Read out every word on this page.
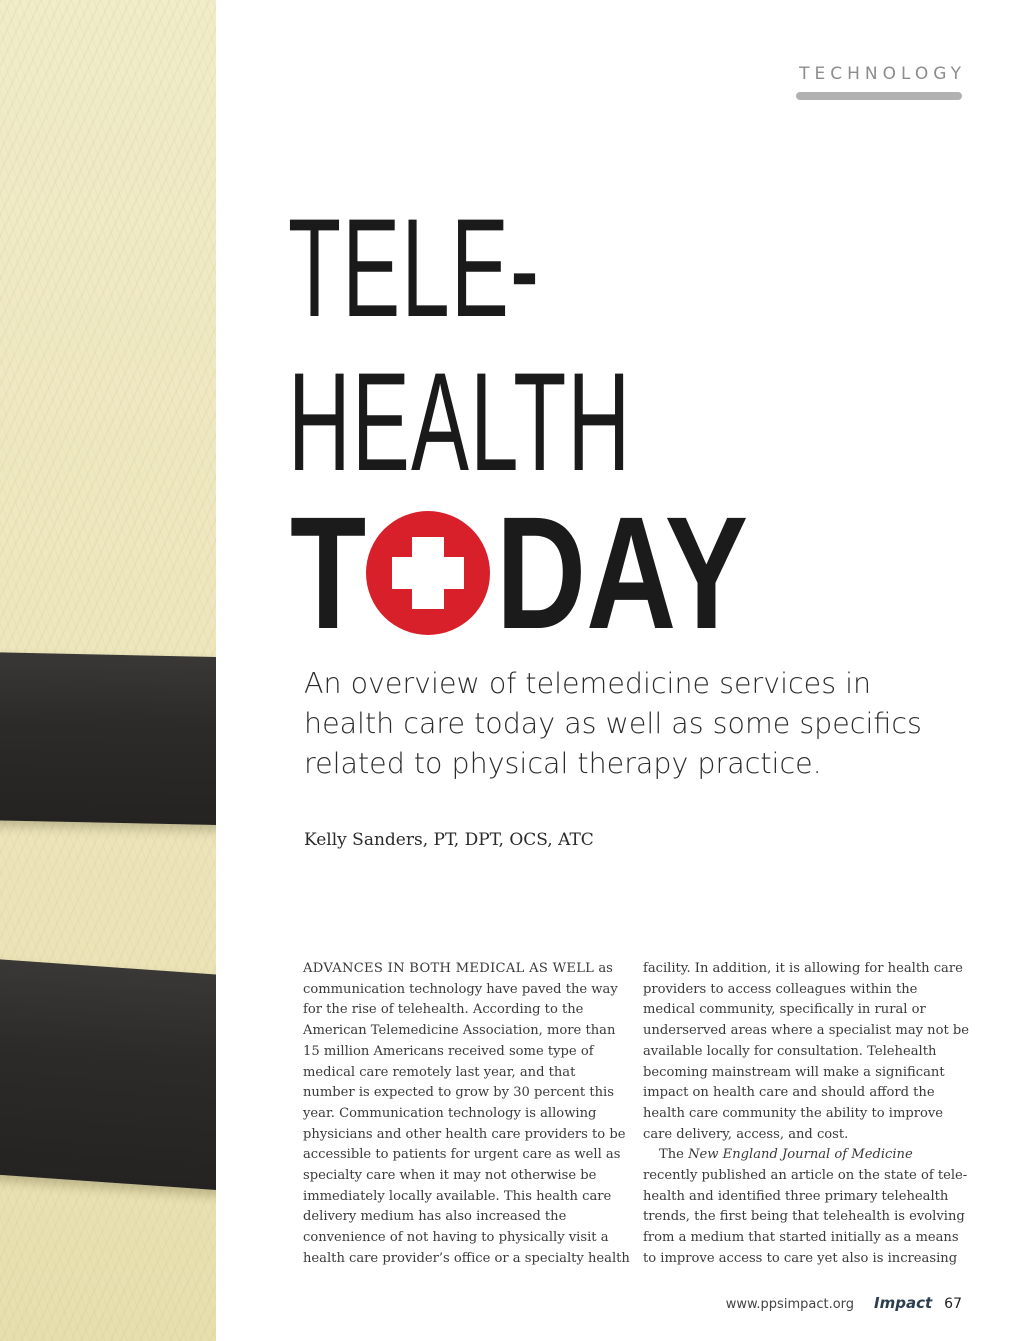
TECHNOLOGY
TELE-
HEALTH
T DAY

An overview of telemedicine services in health care today as well as some specifics related to physical therapy practice.

Kelly Sanders, PT, DPT, OCS, ATC

ADVANCES IN BOTH MEDICAL AS WELL as communication technology have paved the way for the rise of telehealth. According to the American Telemedicine Association, more than 15 million Americans received some type of medical care remotely last year, and that number is expected to grow by 30 percent this year. Communication technology is allowing physicians and other health care providers to be accessible to patients for urgent care as well as specialty care when it may not otherwise be immediately locally available. This health care delivery medium has also increased the convenience of not having to physically visit a health care provider’s office or a specialty health

facility. In addition, it is allowing for health care providers to access colleagues within the medical community, specifically in rural or underserved areas where a specialist may not be available locally for consultation. Telehealth becoming mainstream will make a significant impact on health care and should afford the health care community the ability to improve care delivery, access, and cost.

The New England Journal of Medicine recently published an article on the state of tele-health and identified three primary telehealth trends, the first being that telehealth is evolving from a medium that started initially as a means to improve access to care yet also is increasing

www.ppsimpact.org Impact 67
